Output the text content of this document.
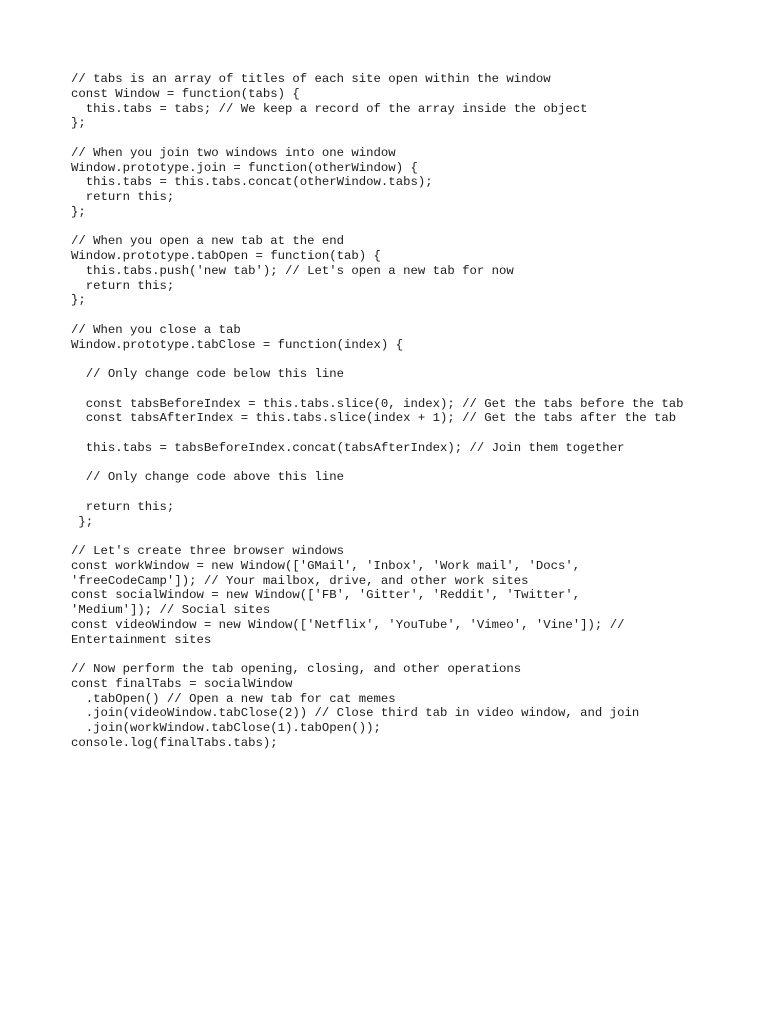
// tabs is an array of titles of each site open within the window
const Window = function(tabs) {
this.tabs = tabs; // We keep a record of the array inside the object
};
// When you join two windows into one window
Window.prototype.join = function(otherWindow) {
this.tabs = this.tabs.concat(otherWindow.tabs);
return this;
};
// When you open a new tab at the end
Window.prototype.tabOpen = function(tab) {
this.tabs.push('new tab'); // Let's open a new tab for now
return this;
};
// When you close a tab
Window.prototype.tabClose = function(index) {
// Only change code below this line
const tabsBeforeIndex = this.tabs.slice(0, index); // Get the tabs before the tab
const tabsAfterIndex = this.tabs.slice(index + 1); // Get the tabs after the tab
this.tabs = tabsBeforeIndex.concat(tabsAfterIndex); // Join them together
// Only change code above this line
return this;
};
// Let's create three browser windows
const workWindow = new Window(['GMail', 'Inbox', 'Work mail', 'Docs',
'freeCodeCamp']); // Your mailbox, drive, and other work sites
const socialWindow = new Window(['FB', 'Gitter', 'Reddit', 'Twitter',
'Medium']); // Social sites
const videoWindow = new Window(['Netflix', 'YouTube', 'Vimeo', 'Vine']); //
Entertainment sites
// Now perform the tab opening, closing, and other operations
const finalTabs = socialWindow
.tabOpen() // Open a new tab for cat memes
.join(videoWindow.tabClose(2)) // Close third tab in video window, and join
.join(workWindow.tabClose(1).tabOpen());
console.log(finalTabs.tabs);
